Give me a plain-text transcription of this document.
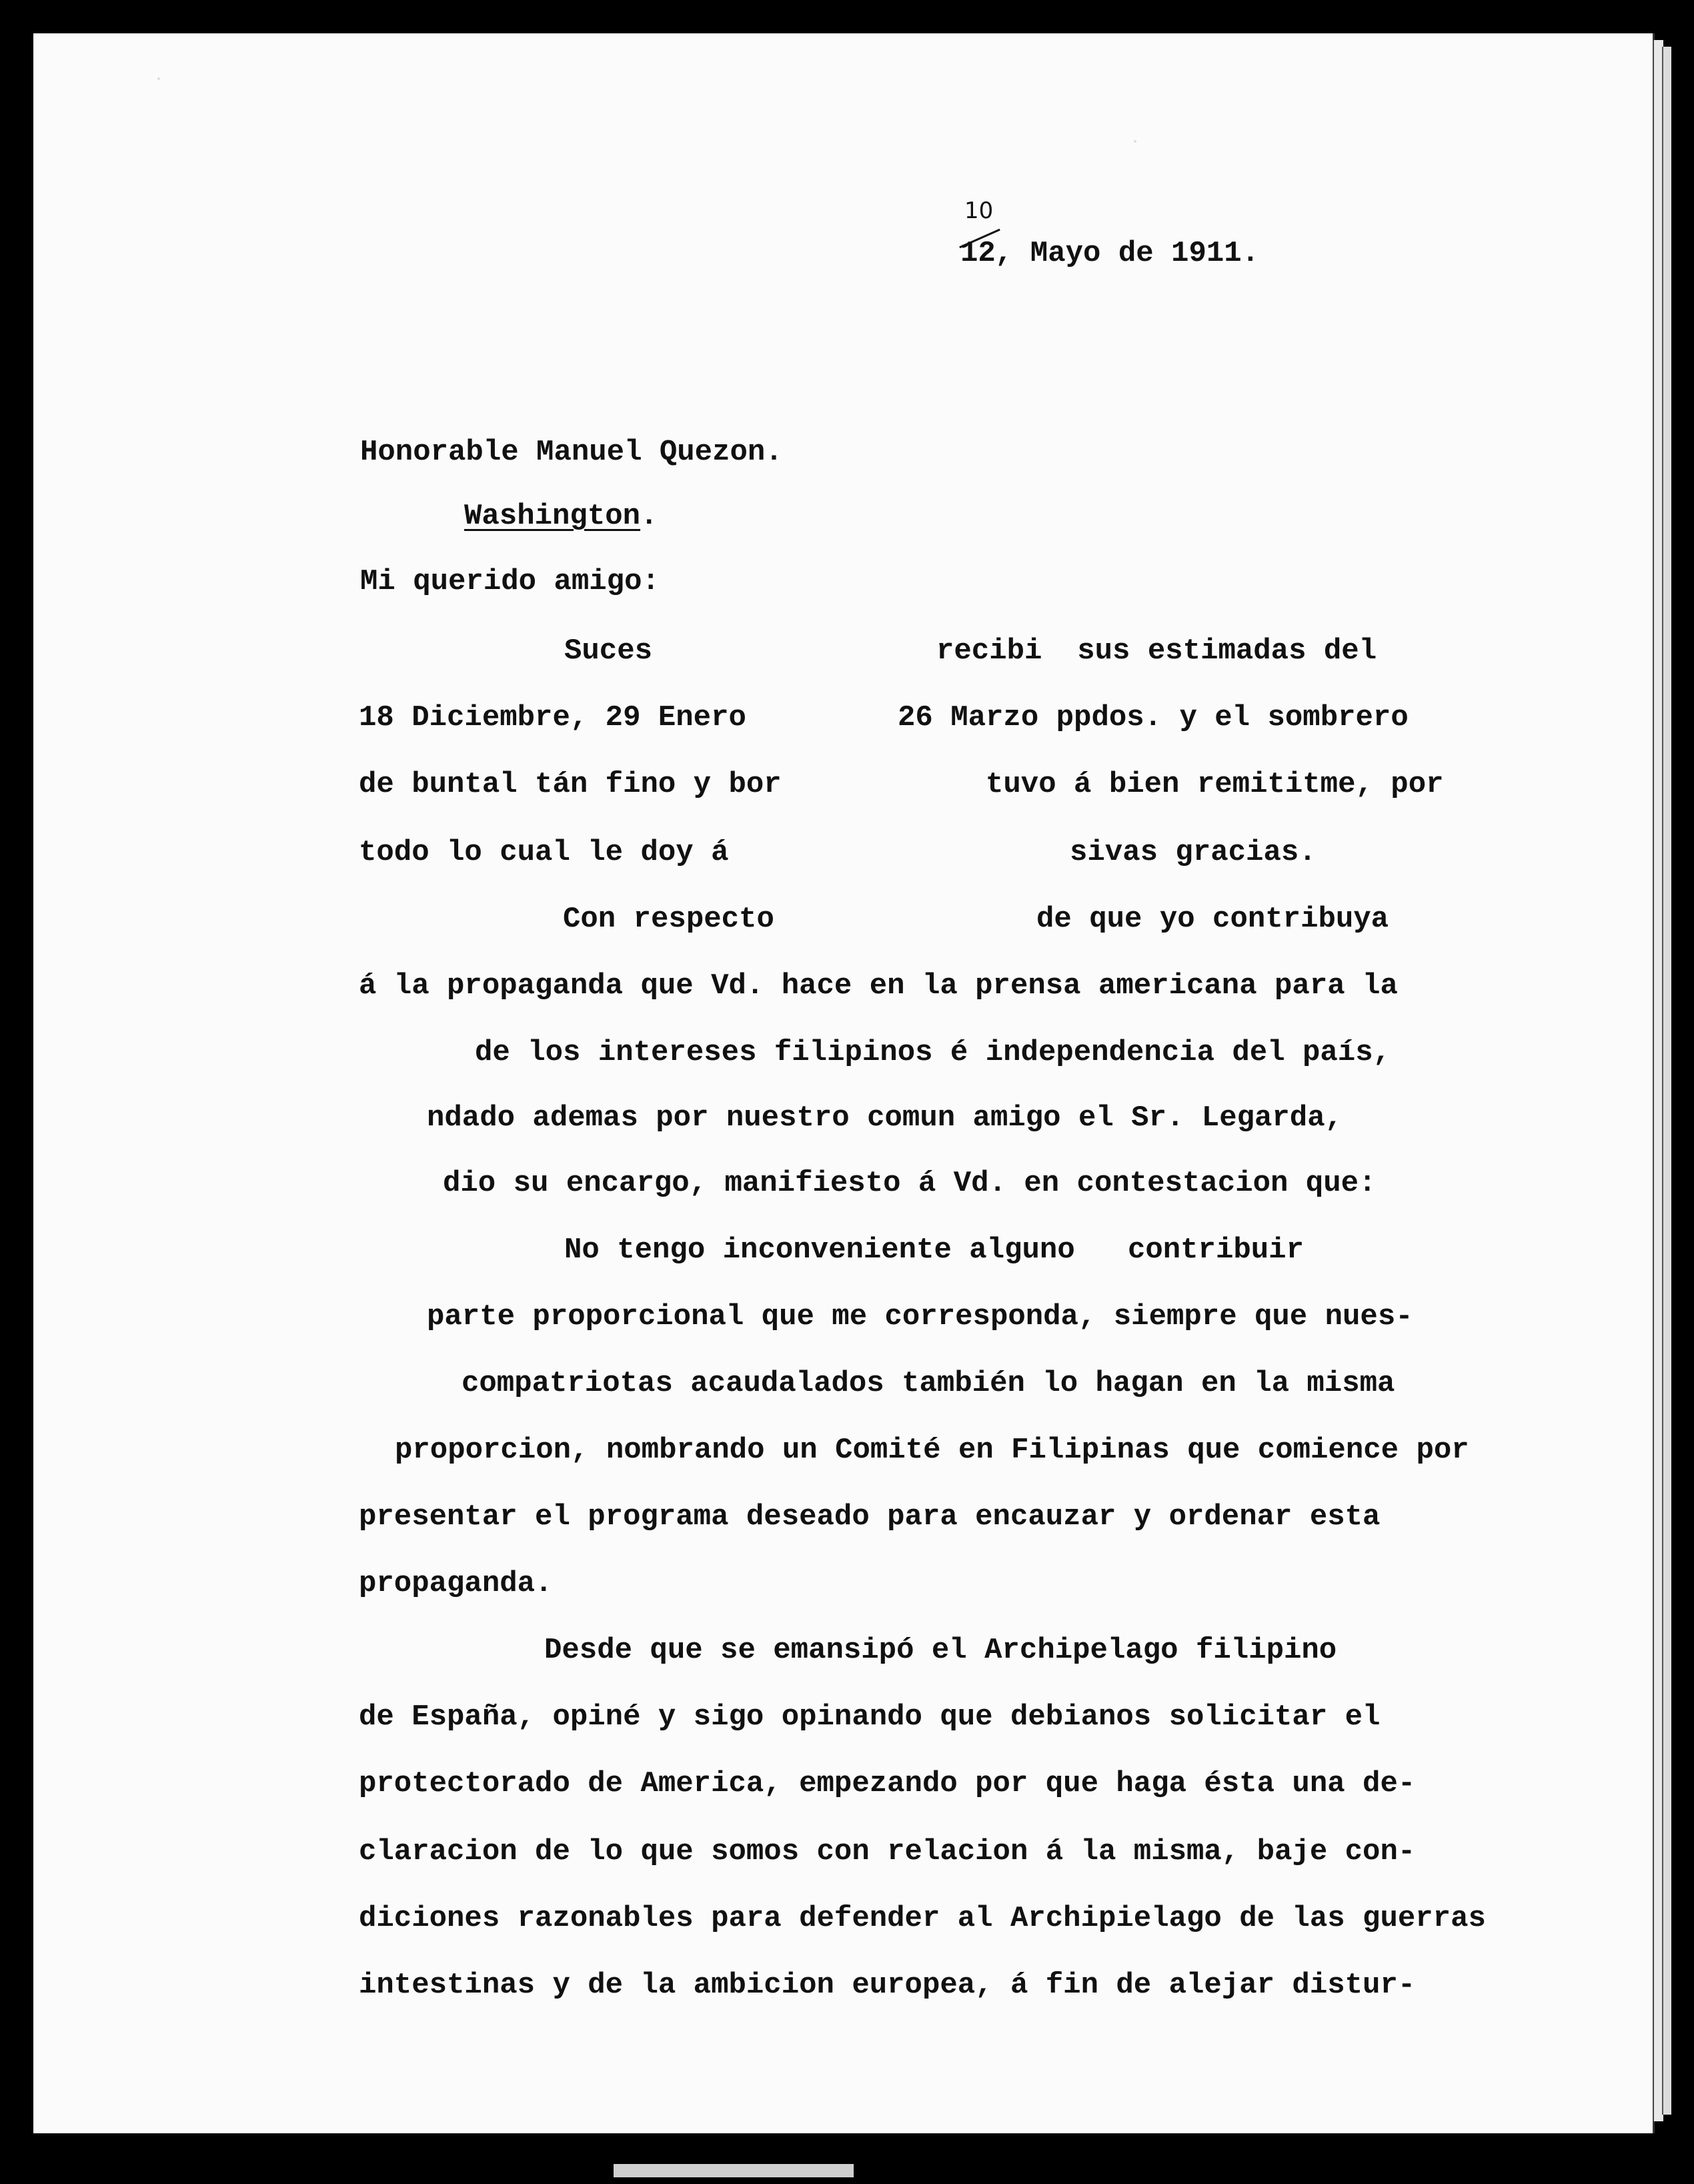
10
12 , Mayo de 1911.
Honorable Manuel Quezon.
Washington.
Mi querido amigo:
Suces	recibi  sus estimadas del
18 Diciembre, 29 Enero	26 Marzo ppdos. y el sombrero
de buntal tán fino y bor	tuvo á bien remititme, por
todo lo cual le doy á	sivas gracias.
Con respecto	de que yo contribuya
á la propaganda que Vd. hace en la prensa americana para la
de los intereses filipinos é independencia del país,
ndado ademas por nuestro comun amigo el Sr. Legarda,
dio su encargo, manifiesto á Vd. en contestacion que:
No tengo inconveniente alguno   contribuir
parte proporcional que me corresponda, siempre que nues-
compatriotas acaudalados también lo hagan en la misma
proporcion, nombrando un Comité en Filipinas que comience por
presentar el programa deseado para encauzar y ordenar esta
propaganda.
Desde que se emansipó el Archipelago filipino
de España, opiné y sigo opinando que debianos solicitar el
protectorado de America, empezando por que haga ésta una de-
claracion de lo que somos con relacion á la misma, baje con-
diciones razonables para defender al Archipielago de las guerras
intestinas y de la ambicion europea, á fin de alejar distur-
